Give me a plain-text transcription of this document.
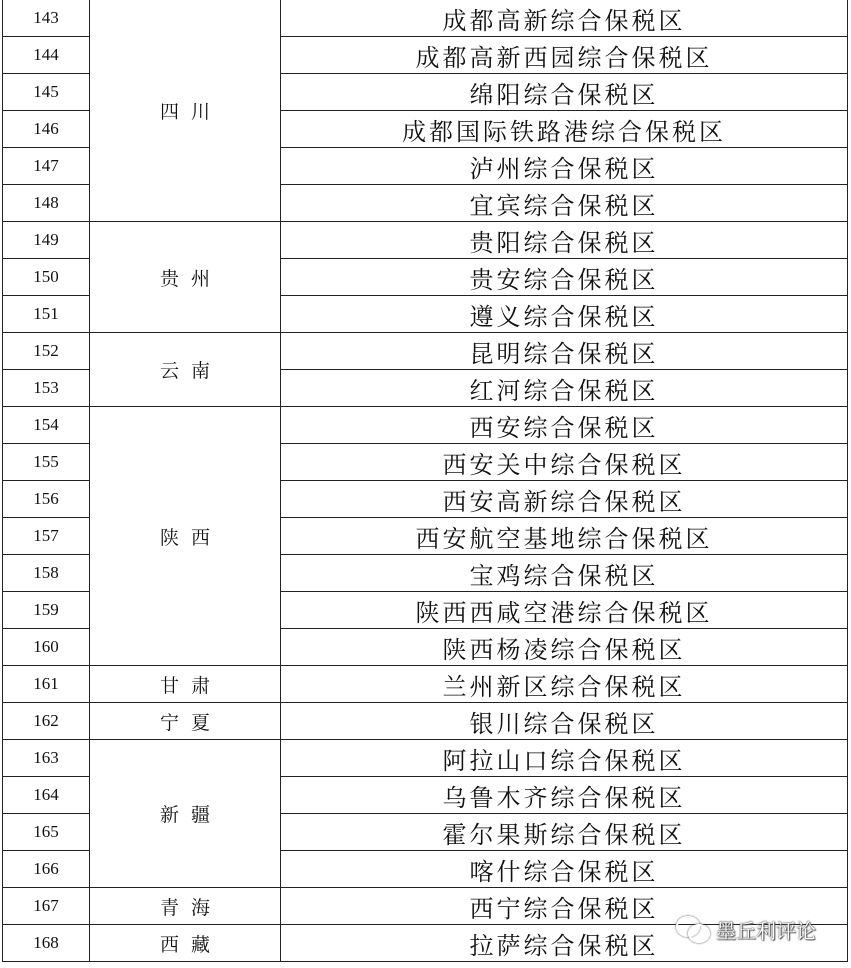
143	四川	成都高新综合保税区
144		成都高新西园综合保税区
145		绵阳综合保税区
146		成都国际铁路港综合保税区
147		泸州综合保税区
148		宜宾综合保税区
149	贵州	贵阳综合保税区
150		贵安综合保税区
151		遵义综合保税区
152	云南	昆明综合保税区
153		红河综合保税区
154	陕西	西安综合保税区
155		西安关中综合保税区
156		西安高新综合保税区
157		西安航空基地综合保税区
158		宝鸡综合保税区
159		陕西西咸空港综合保税区
160		陕西杨凌综合保税区
161	甘肃	兰州新区综合保税区
162	宁夏	银川综合保税区
163	新疆	阿拉山口综合保税区
164		乌鲁木齐综合保税区
165		霍尔果斯综合保税区
166		喀什综合保税区
167	青海	西宁综合保税区
168	西藏	拉萨综合保税区
墨丘利评论
